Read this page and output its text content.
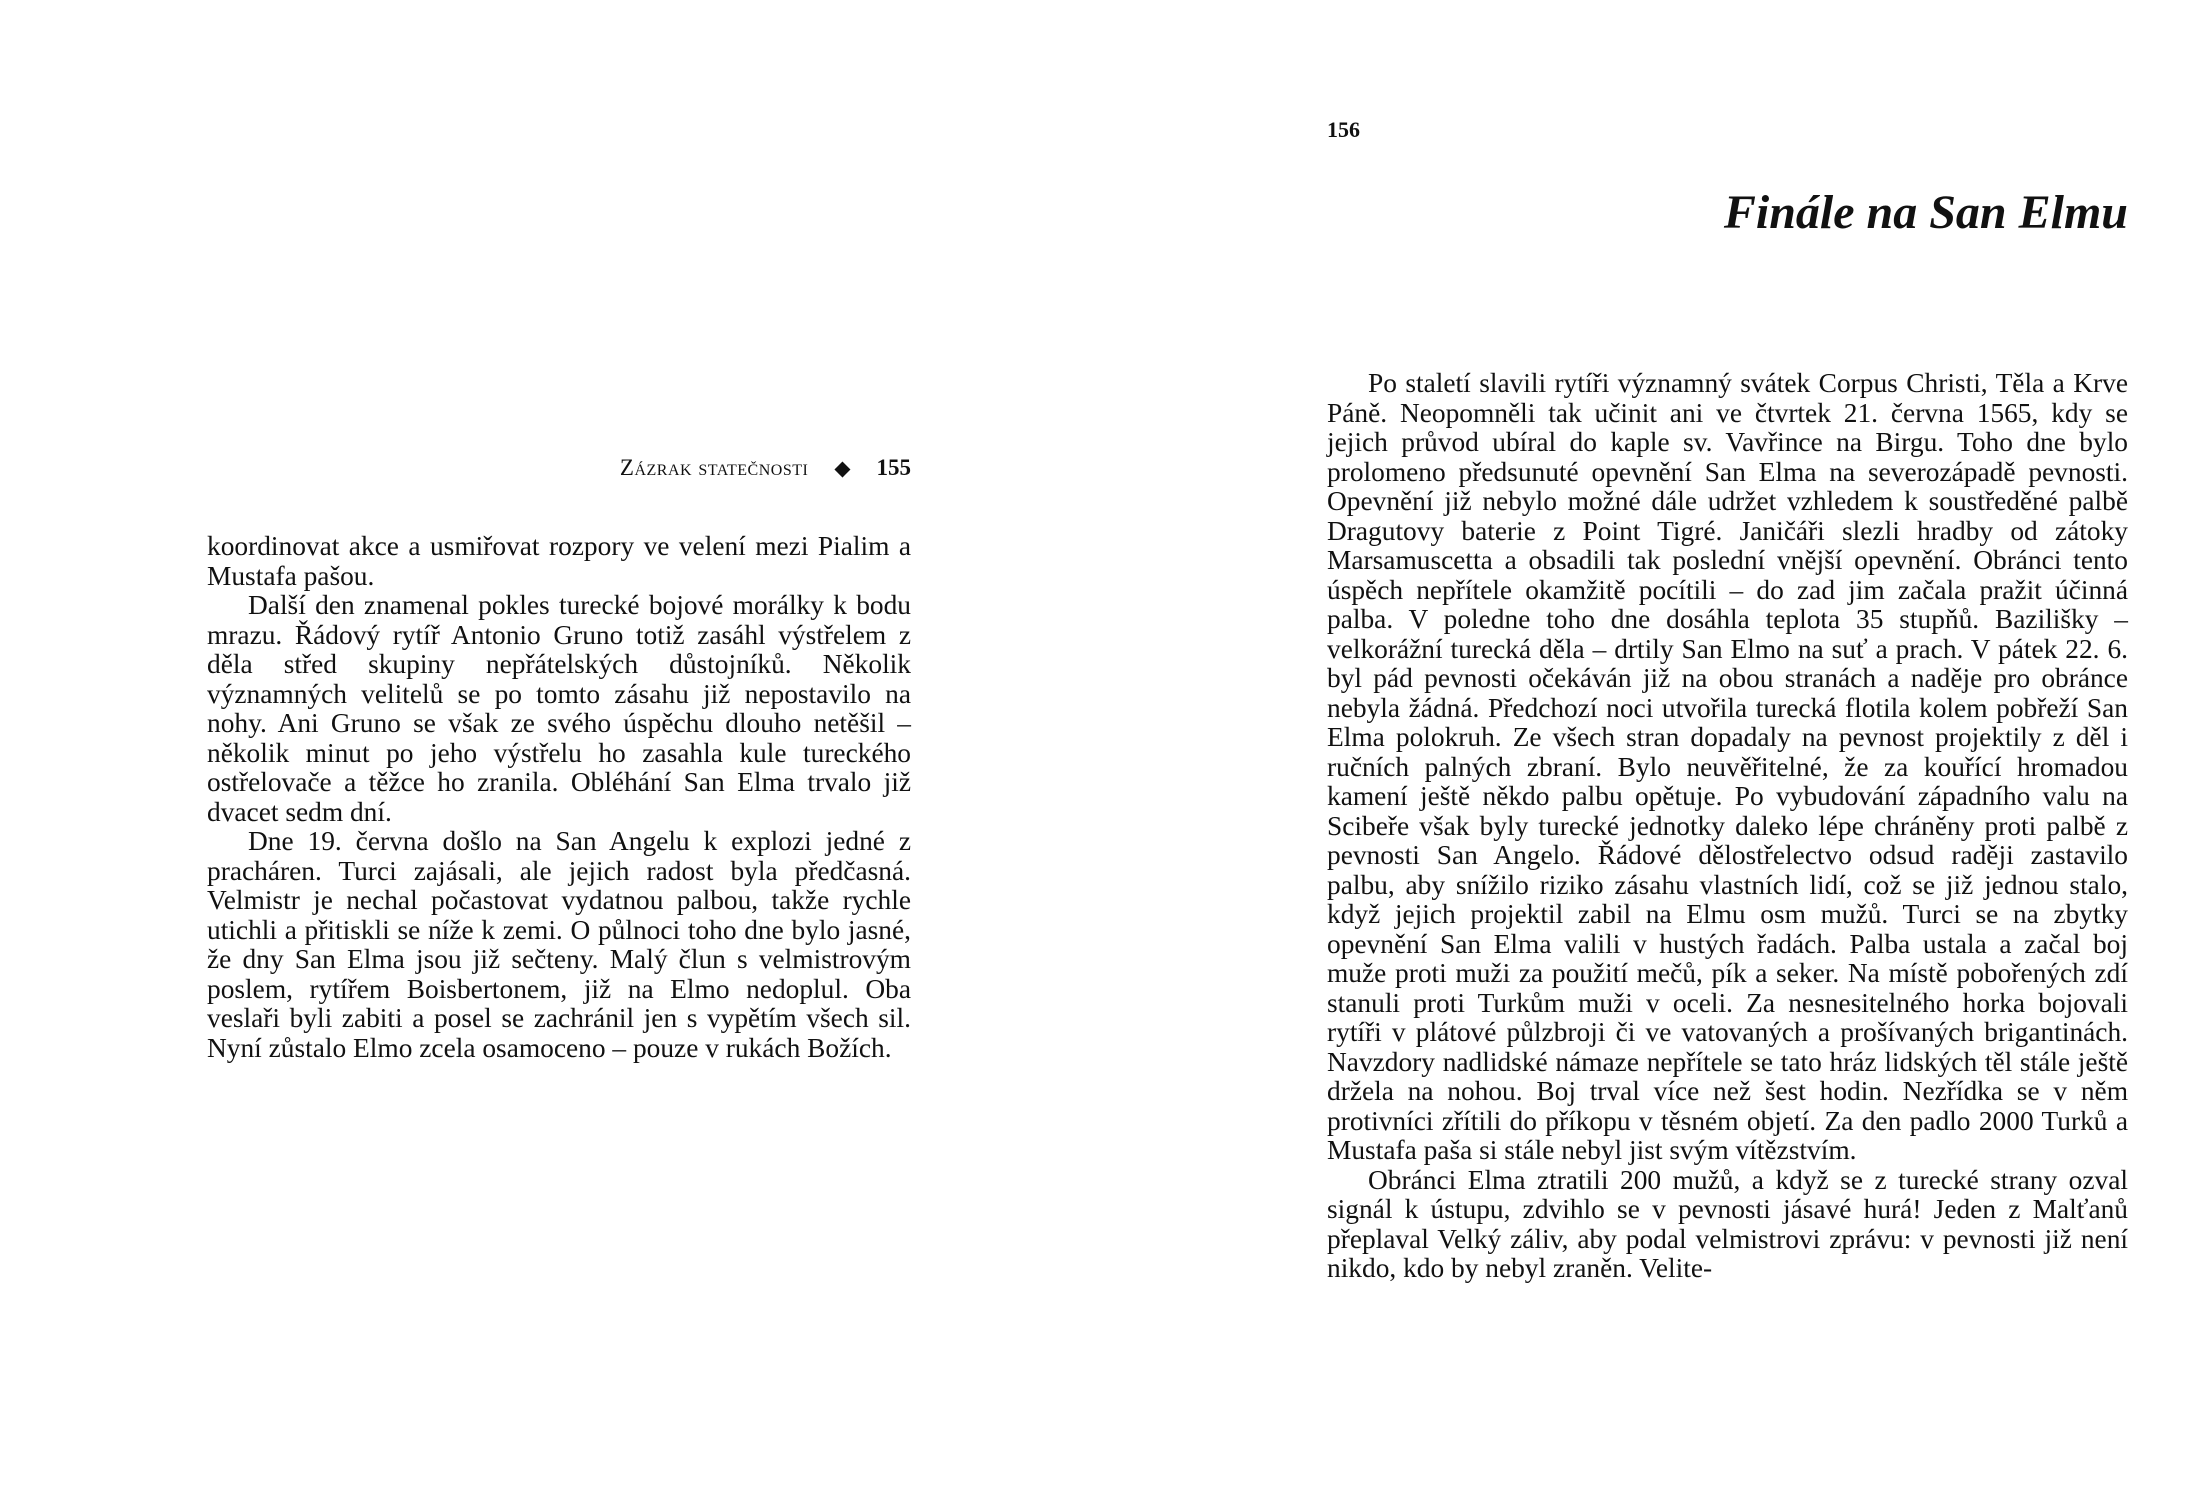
Zázrak statečnosti ◆ 155

koordinovat akce a usmiřovat rozpory ve velení mezi Pialim a Mustafa pašou.

Další den znamenal pokles turecké bojové morálky k bodu mrazu. Řádový rytíř Antonio Gruno totiž zasáhl výstřelem z děla střed skupiny nepřátelských důstojníků. Několik významných velitelů se po tomto zásahu již nepostavilo na nohy. Ani Gruno se však ze svého úspěchu dlouho netěšil – několik minut po jeho výstřelu ho zasahla kule tureckého ostřelovače a těžce ho zranila. Obléhání San Elma trvalo již dvacet sedm dní.

Dne 19. června došlo na San Angelu k explozi jedné z pracháren. Turci zajásali, ale jejich radost byla předčasná. Velmistr je nechal počastovat vydatnou palbou, takže rychle utichli a přitiskli se níže k zemi. O půlnoci toho dne bylo jasné, že dny San Elma jsou již sečteny. Malý člun s velmistrovým poslem, rytířem Boisbertonem, již na Elmo nedoplul. Oba veslaři byli zabiti a posel se zachránil jen s vypětím všech sil. Nyní zůstalo Elmo zcela osamoceno – pouze v rukách Božích.

156
Finále na San Elmu

Po staletí slavili rytíři významný svátek Corpus Christi, Těla a Krve Páně. Neopomněli tak učinit ani ve čtvrtek 21. června 1565, kdy se jejich průvod ubíral do kaple sv. Vavřince na Birgu. Toho dne bylo prolomeno předsunuté opevnění San Elma na severozápadě pevnosti. Opevnění již nebylo možné dále udržet vzhledem k soustředěné palbě Dragutovy baterie z Point Tigré. Janičáři slezli hradby od zátoky Marsamuscetta a obsadili tak poslední vnější opevnění. Obránci tento úspěch nepřítele okamžitě pocítili – do zad jim začala pražit účinná palba. V poledne toho dne dosáhla teplota 35 stupňů. Bazilišky – velkorážní turecká děla – drtily San Elmo na suť a prach. V pátek 22. 6. byl pád pevnosti očekáván již na obou stranách a naděje pro obránce nebyla žádná. Předchozí noci utvořila turecká flotila kolem pobřeží San Elma polokruh. Ze všech stran dopadaly na pevnost projektily z děl i ručních palných zbraní. Bylo neuvěřitelné, že za kouřící hromadou kamení ještě někdo palbu opětuje. Po vybudování západního valu na Scibeře však byly turecké jednotky daleko lépe chráněny proti palbě z pevnosti San Angelo. Řádové dělostřelectvo odsud raději zastavilo palbu, aby snížilo riziko zásahu vlastních lidí, což se již jednou stalo, když jejich projektil zabil na Elmu osm mužů. Turci se na zbytky opevnění San Elma valili v hustých řadách. Palba ustala a začal boj muže proti muži za použití mečů, pík a seker. Na místě pobořených zdí stanuli proti Turkům muži v oceli. Za nesnesitelného horka bojovali rytíři v plátové půlzbroji či ve vatovaných a prošívaných brigantinách. Navzdory nadlidské námaze nepřítele se tato hráz lidských těl stále ještě držela na nohou. Boj trval více než šest hodin. Nezřídka se v něm protivníci zřítili do příkopu v těsném objetí. Za den padlo 2000 Turků a Mustafa paša si stále nebyl jist svým vítězstvím.

Obránci Elma ztratili 200 mužů, a když se z turecké strany ozval signál k ústupu, zdvihlo se v pevnosti jásavé hurá! Jeden z Malťanů přeplaval Velký záliv, aby podal velmistrovi zprávu: v pevnosti již není nikdo, kdo by nebyl zraněn. Velite-
